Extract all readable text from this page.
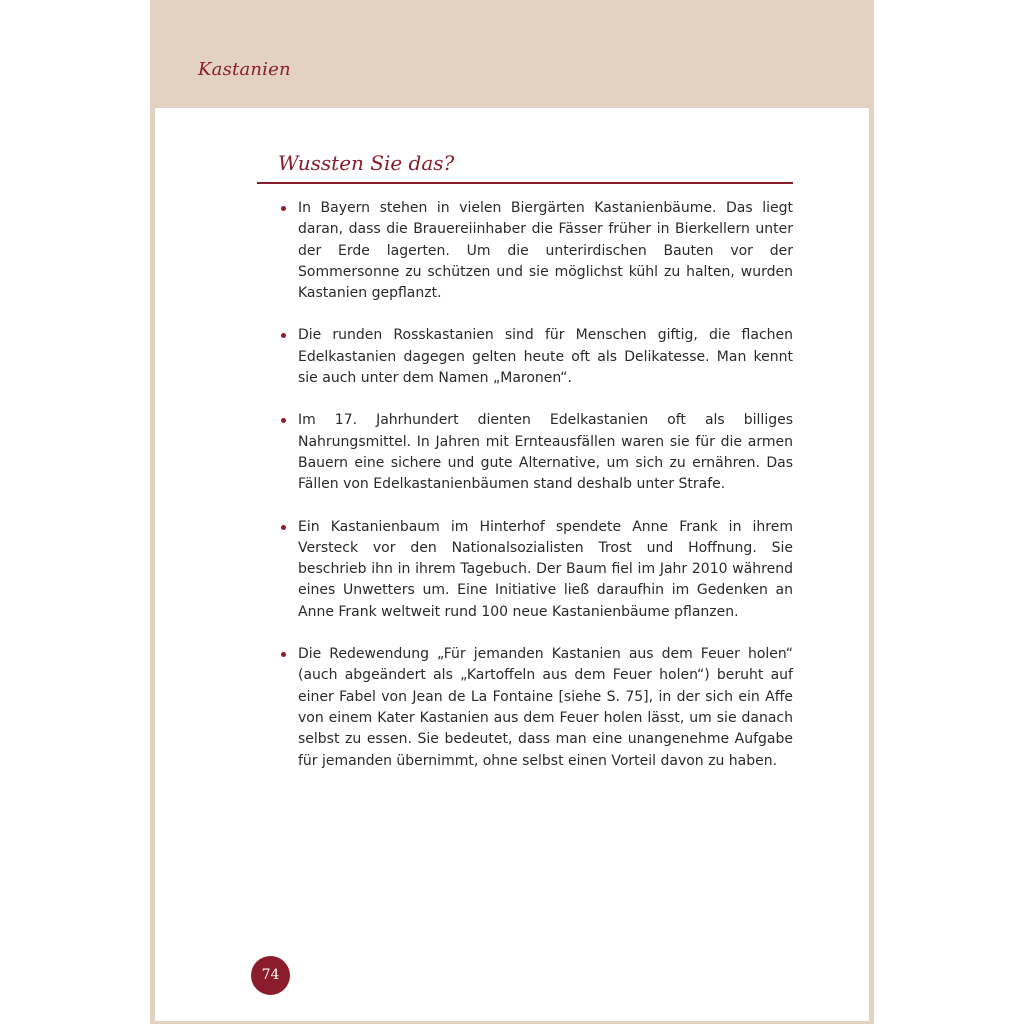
Kastanien
Wussten Sie das?
In Bayern stehen in vielen Biergärten Kastanienbäume. Das liegt daran, dass die Brauereiinhaber die Fässer früher in Bierkellern unter der Erde lagerten. Um die unterirdischen Bauten vor der Sommersonne zu schützen und sie möglichst kühl zu halten, wurden Kastanien gepflanzt.
Die runden Rosskastanien sind für Menschen giftig, die flachen Edelkastanien dagegen gelten heute oft als Delikatesse. Man kennt sie auch unter dem Namen „Maronen“.
Im 17. Jahrhundert dienten Edelkastanien oft als billiges Nahrungsmittel. In Jahren mit Ernteausfällen waren sie für die armen Bauern eine sichere und gute Alternative, um sich zu ernähren. Das Fällen von Edelkastanienbäumen stand deshalb unter Strafe.
Ein Kastanienbaum im Hinterhof spendete Anne Frank in ihrem Versteck vor den Nationalsozialisten Trost und Hoffnung. Sie beschrieb ihn in ihrem Tagebuch. Der Baum fiel im Jahr 2010 während eines Unwetters um. Eine Initiative ließ daraufhin im Gedenken an Anne Frank weltweit rund 100 neue Kastanienbäume pflanzen.
Die Redewendung „Für jemanden Kastanien aus dem Feuer holen“ (auch abgeändert als „Kartoffeln aus dem Feuer holen“) beruht auf einer Fabel von Jean de La Fontaine [siehe S. 75], in der sich ein Affe von einem Kater Kastanien aus dem Feuer holen lässt, um sie danach selbst zu essen. Sie bedeutet, dass man eine unangenehme Aufgabe für jemanden übernimmt, ohne selbst einen Vorteil davon zu haben.
74
